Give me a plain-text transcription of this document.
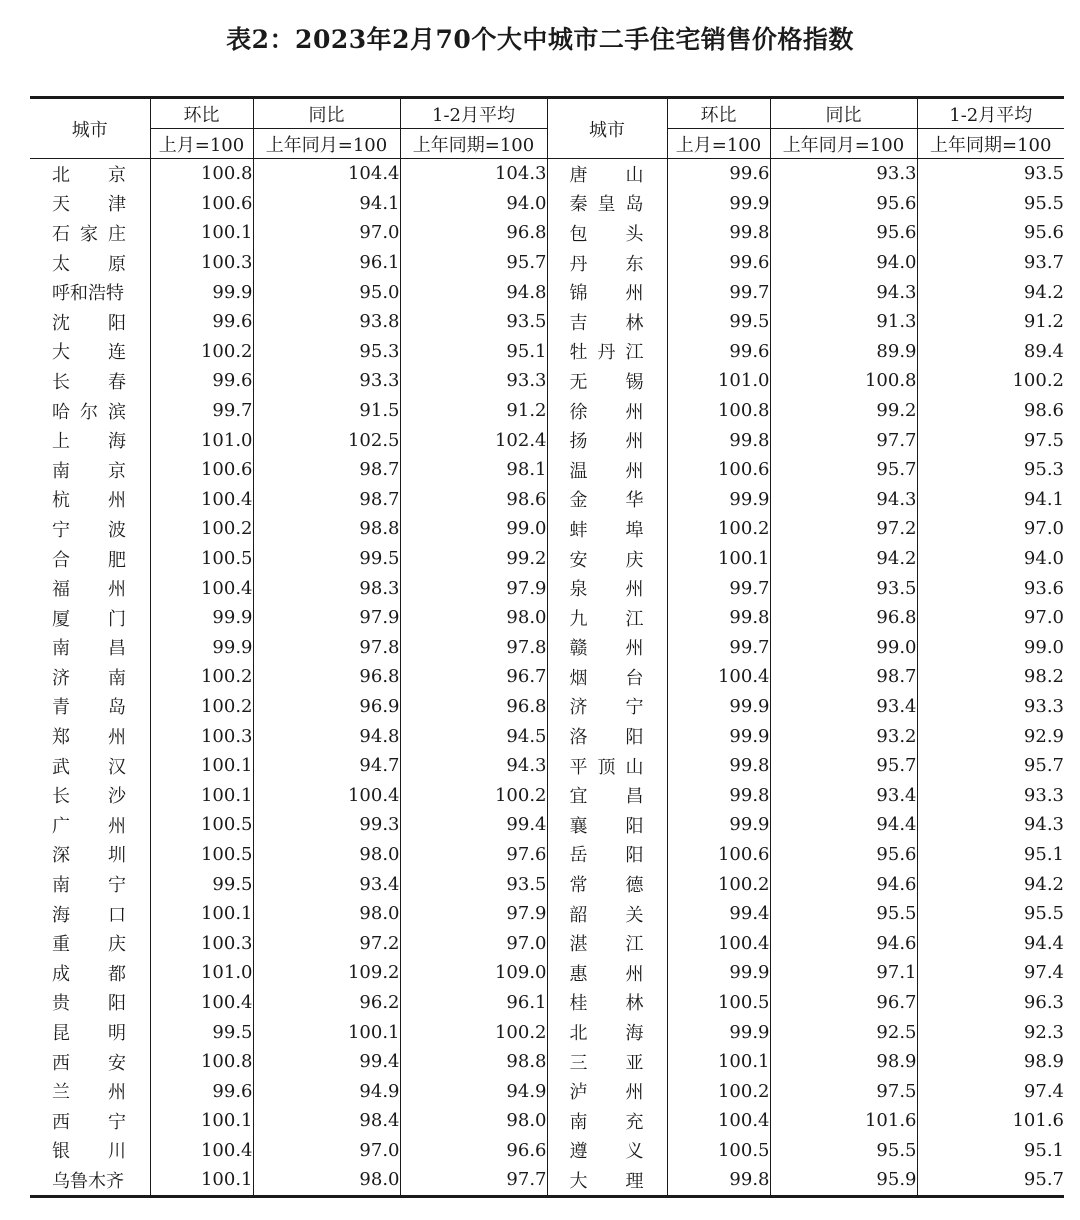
表2：2023年2月70个大中城市二手住宅销售价格指数
城市	环比	同比	1-2月平均	城市	环比	同比	1-2月平均
	上月=100	上年同月=100	上年同期=100		上月=100	上年同月=100	上年同期=100

北京	100.8	104.4	104.3	唐山	99.6	93.3	93.5

天津	100.6	94.1	94.0	秦皇岛	99.9	95.6	95.5

石家庄	100.1	97.0	96.8	包头	99.8	95.6	95.6

太原	100.3	96.1	95.7	丹东	99.6	94.0	93.7

呼和浩特	99.9	95.0	94.8	锦州	99.7	94.3	94.2

沈阳	99.6	93.8	93.5	吉林	99.5	91.3	91.2

大连	100.2	95.3	95.1	牡丹江	99.6	89.9	89.4

长春	99.6	93.3	93.3	无锡	101.0	100.8	100.2

哈尔滨	99.7	91.5	91.2	徐州	100.8	99.2	98.6

上海	101.0	102.5	102.4	扬州	99.8	97.7	97.5

南京	100.6	98.7	98.1	温州	100.6	95.7	95.3

杭州	100.4	98.7	98.6	金华	99.9	94.3	94.1

宁波	100.2	98.8	99.0	蚌埠	100.2	97.2	97.0

合肥	100.5	99.5	99.2	安庆	100.1	94.2	94.0

福州	100.4	98.3	97.9	泉州	99.7	93.5	93.6

厦门	99.9	97.9	98.0	九江	99.8	96.8	97.0

南昌	99.9	97.8	97.8	赣州	99.7	99.0	99.0

济南	100.2	96.8	96.7	烟台	100.4	98.7	98.2

青岛	100.2	96.9	96.8	济宁	99.9	93.4	93.3

郑州	100.3	94.8	94.5	洛阳	99.9	93.2	92.9

武汉	100.1	94.7	94.3	平顶山	99.8	95.7	95.7

长沙	100.1	100.4	100.2	宜昌	99.8	93.4	93.3

广州	100.5	99.3	99.4	襄阳	99.9	94.4	94.3

深圳	100.5	98.0	97.6	岳阳	100.6	95.6	95.1

南宁	99.5	93.4	93.5	常德	100.2	94.6	94.2

海口	100.1	98.0	97.9	韶关	99.4	95.5	95.5

重庆	100.3	97.2	97.0	湛江	100.4	94.6	94.4

成都	101.0	109.2	109.0	惠州	99.9	97.1	97.4

贵阳	100.4	96.2	96.1	桂林	100.5	96.7	96.3

昆明	99.5	100.1	100.2	北海	99.9	92.5	92.3

西安	100.8	99.4	98.8	三亚	100.1	98.9	98.9

兰州	99.6	94.9	94.9	泸州	100.2	97.5	97.4

西宁	100.1	98.4	98.0	南充	100.4	101.6	101.6

银川	100.4	97.0	96.6	遵义	100.5	95.5	95.1

乌鲁木齐	100.1	98.0	97.7	大理	99.8	95.9	95.7
